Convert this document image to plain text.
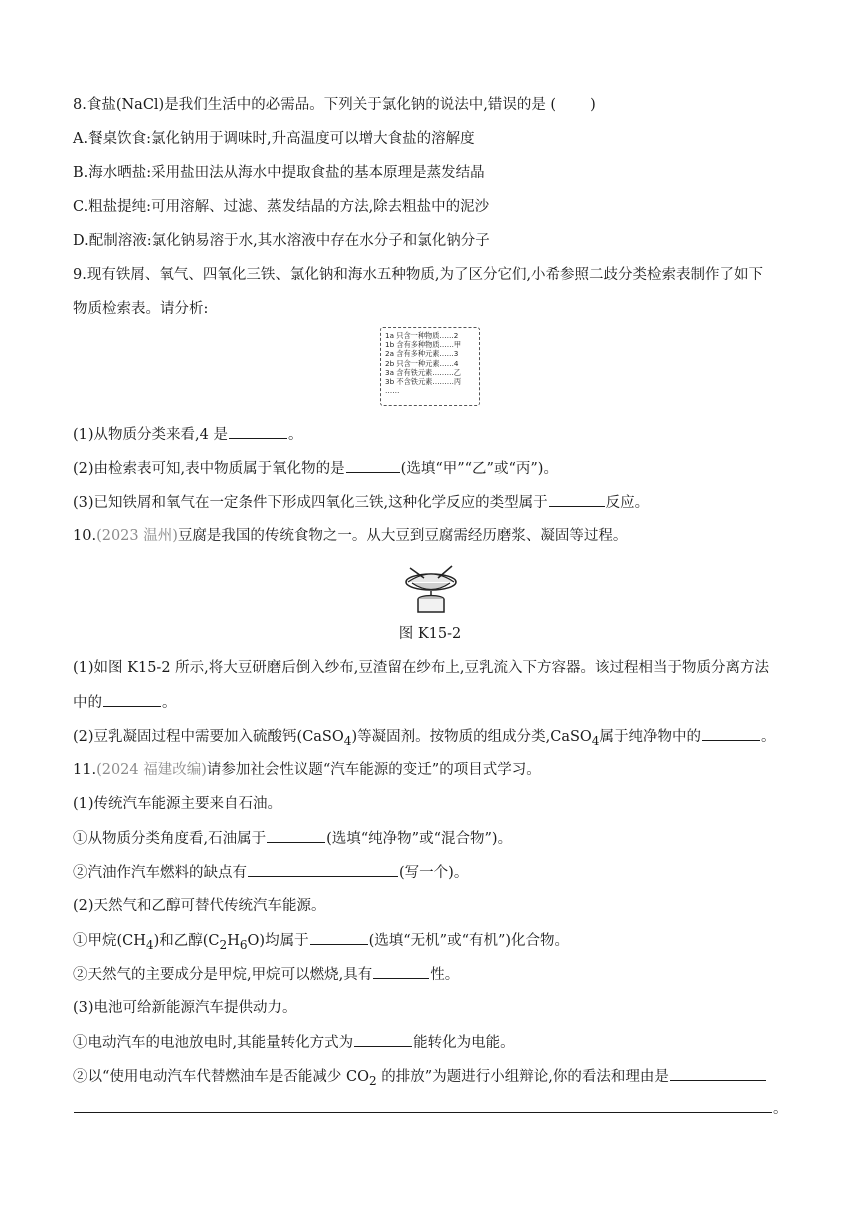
8.食盐(NaCl)是我们生活中的必需品。下列关于氯化钠的说法中,错误的是 ( )
A.餐桌饮食:氯化钠用于调味时,升高温度可以增大食盐的溶解度
B.海水晒盐:采用盐田法从海水中提取食盐的基本原理是蒸发结晶
C.粗盐提纯:可用溶解、过滤、蒸发结晶的方法,除去粗盐中的泥沙
D.配制溶液:氯化钠易溶于水,其水溶液中存在水分子和氯化钠分子
9.现有铁屑、氧气、四氧化三铁、氯化钠和海水五种物质,为了区分它们,小希参照二歧分类检索表制作了如下
物质检索表。请分析:
1a 只含一种物质……2
1b 含有多种物质……甲
2a 含有多种元素……3
2b 只含一种元素……4
3a 含有铁元素………乙
3b 不含铁元素………丙
……
(1)从物质分类来看,4 是	。
(2)由检索表可知,表中物质属于氧化物的是	(选填“甲”“乙”或“丙”)。
(3)已知铁屑和氧气在一定条件下形成四氧化三铁,这种化学反应的类型属于	反应。
10.(2023 温州)豆腐是我国的传统食物之一。从大豆到豆腐需经历磨浆、凝固等过程。
图 K15-2
(1)如图 K15-2 所示,将大豆研磨后倒入纱布,豆渣留在纱布上,豆乳流入下方容器。该过程相当于物质分离方法
中的	。
(2)豆乳凝固过程中需要加入硫酸钙(CaSO$_4$)等凝固剂。按物质的组成分类,CaSO$_4$属于纯净物中的	。
11.(2024 福建改编)请参加社会性议题“汽车能源的变迁”的项目式学习。
(1)传统汽车能源主要来自石油。
①从物质分类角度看,石油属于	(选填“纯净物”或“混合物”)。
②汽油作汽车燃料的缺点有	(写一个)。
(2)天然气和乙醇可替代传统汽车能源。
①甲烷$(CH_4)$和乙醇$(C_2H_6O)$均属于	(选填“无机”或“有机”)化合物。
②天然气的主要成分是甲烷,甲烷可以燃烧,具有	性。
(3)电池可给新能源汽车提供动力。
①电动汽车的电池放电时,其能量转化方式为	能转化为电能。
②以“使用电动汽车代替燃油车是否能减少 $CO_2$ 的排放”为题进行小组辩论,你的看法和理由是
。
